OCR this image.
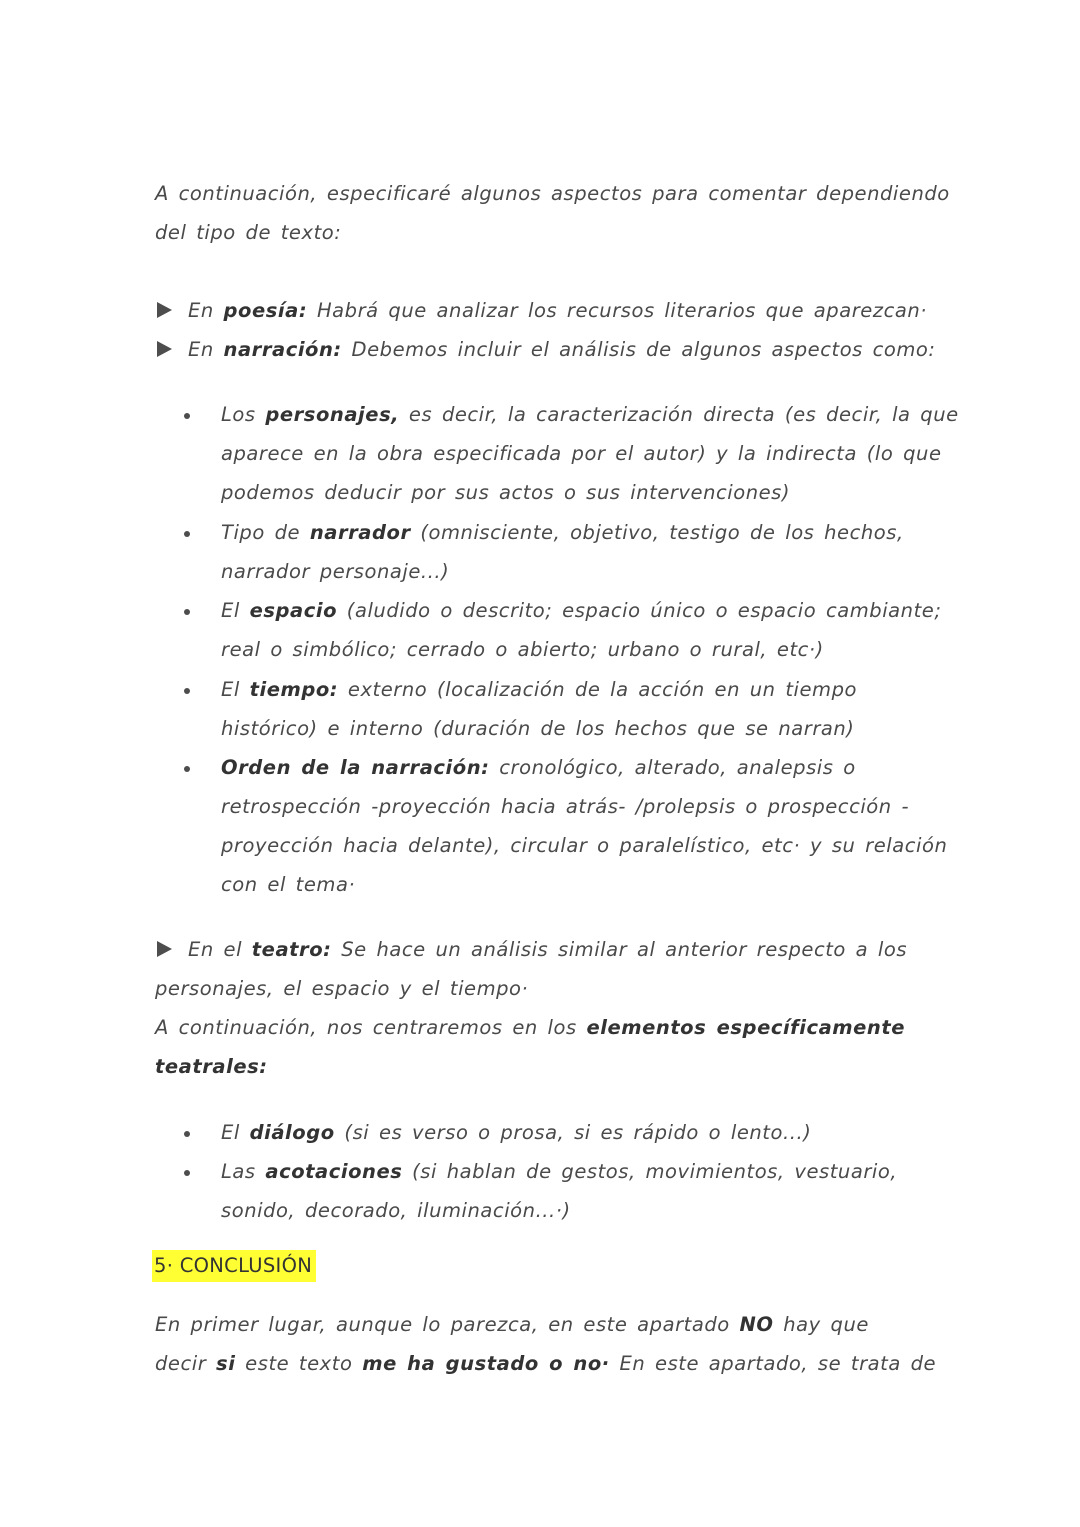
A continuación, especificaré algunos aspectos para comentar dependiendo
del tipo de texto:
En poesía: Habrá que analizar los recursos literarios que aparezcan·
En narración: Debemos incluir el análisis de algunos aspectos como:
Los personajes, es decir, la caracterización directa (es decir, la que
aparece en la obra especificada por el autor) y la indirecta (lo que
podemos deducir por sus actos o sus intervenciones)
Tipo de narrador (omnisciente, objetivo, testigo de los hechos,
narrador personaje...)
El espacio (aludido o descrito; espacio único o espacio cambiante;
real o simbólico; cerrado o abierto; urbano o rural, etc·)
El tiempo: externo (localización de la acción en un tiempo
histórico) e interno (duración de los hechos que se narran)
Orden de la narración: cronológico, alterado, analepsis o
retrospección -proyección hacia atrás- /prolepsis o prospección -
proyección hacia delante), circular o paralelístico, etc· y su relación
con el tema·
En el teatro: Se hace un análisis similar al anterior respecto a los
personajes, el espacio y el tiempo·
A continuación, nos centraremos en los elementos específicamente
teatrales:
El diálogo (si es verso o prosa, si es rápido o lento...)
Las acotaciones (si hablan de gestos, movimientos, vestuario,
sonido, decorado, iluminación...·)
5· CONCLUSIÓN
En primer lugar, aunque lo parezca, en este apartado NO hay que
decir si este texto me ha gustado o no· En este apartado, se trata de
